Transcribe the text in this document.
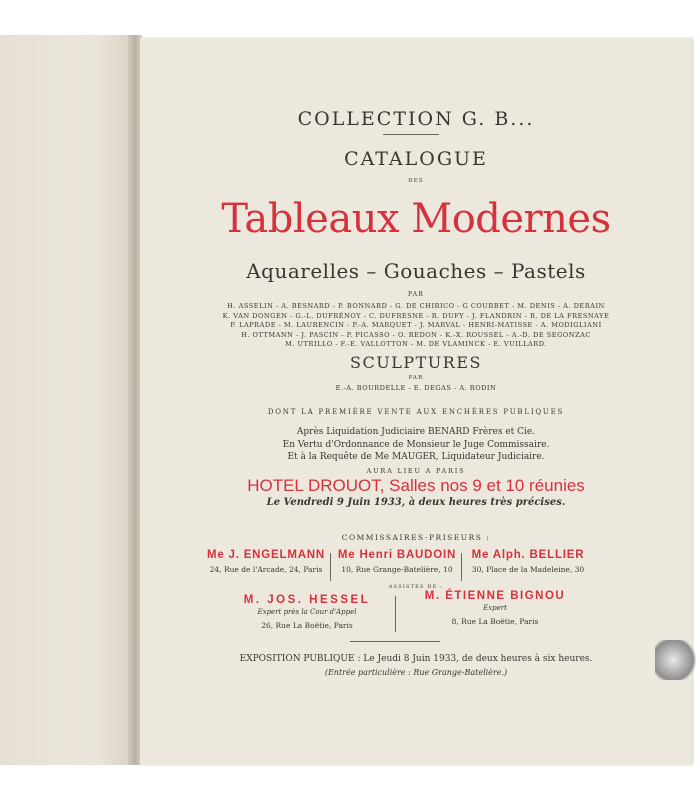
COLLECTION G. B...
CATALOGUE
DES
Tableaux Modernes
Aquarelles – Gouaches – Pastels
PAR
H. ASSELIN - A. BESNARD - P. BONNARD - G. DE CHIRICO - G COURBET - M. DENIS - A. DERAIN
K. VAN DONGEN - G.-L. DUFRÉNOY - C. DUFRESNE - R. DUFY - J. FLANDRIN - R. DE LA FRESNAYE
P. LAPRADE - M. LAURENCIN - P.-A. MARQUET - J. MARVAL - HENRI-MATISSE - A. MODIGLIANI
H. OTTMANN - J. PASCIN - P. PICASSO - O. REDON - K.-X. ROUSSEL - A.-D. DE SEGONZAC
M. UTRILLO - F.-E. VALLOTTON - M. DE VLAMINCK - E. VUILLARD.
SCULPTURES
PAR
E.-A. BOURDELLE - E. DEGAS - A. RODIN
DONT LA PREMIÈRE VENTE AUX ENCHÈRES PUBLIQUES
Après Liquidation Judiciaire BENARD Frères et Cie.
En Vertu d'Ordonnance de Monsieur le Juge Commissaire.
Et à la Requête de Me MAUGER, Liquidateur Judiciaire.
AURA LIEU A PARIS
HOTEL DROUOT, Salles nos 9 et 10 réunies
Le Vendredi 9 Juin 1933, à deux heures très précises.
COMMISSAIRES-PRISEURS :
Me J. ENGELMANN
24, Rue de l'Arcade, 24, Paris
Me Henri BAUDOIN
10, Rue Grange-Batelière, 10
Me Alph. BELLIER
30, Place de la Madeleine, 30
ASSISTÉS DE :
M. JOS. HESSEL
Expert près la Cour d'Appel
26, Rue La Boëtie, Paris
M. ÉTIENNE BIGNOU
Expert
8, Rue La Boëtie, Paris
EXPOSITION PUBLIQUE : Le Jeudi 8 Juin 1933, de deux heures à six heures.
(Entrée particulière : Rue Grange-Batelière.)
